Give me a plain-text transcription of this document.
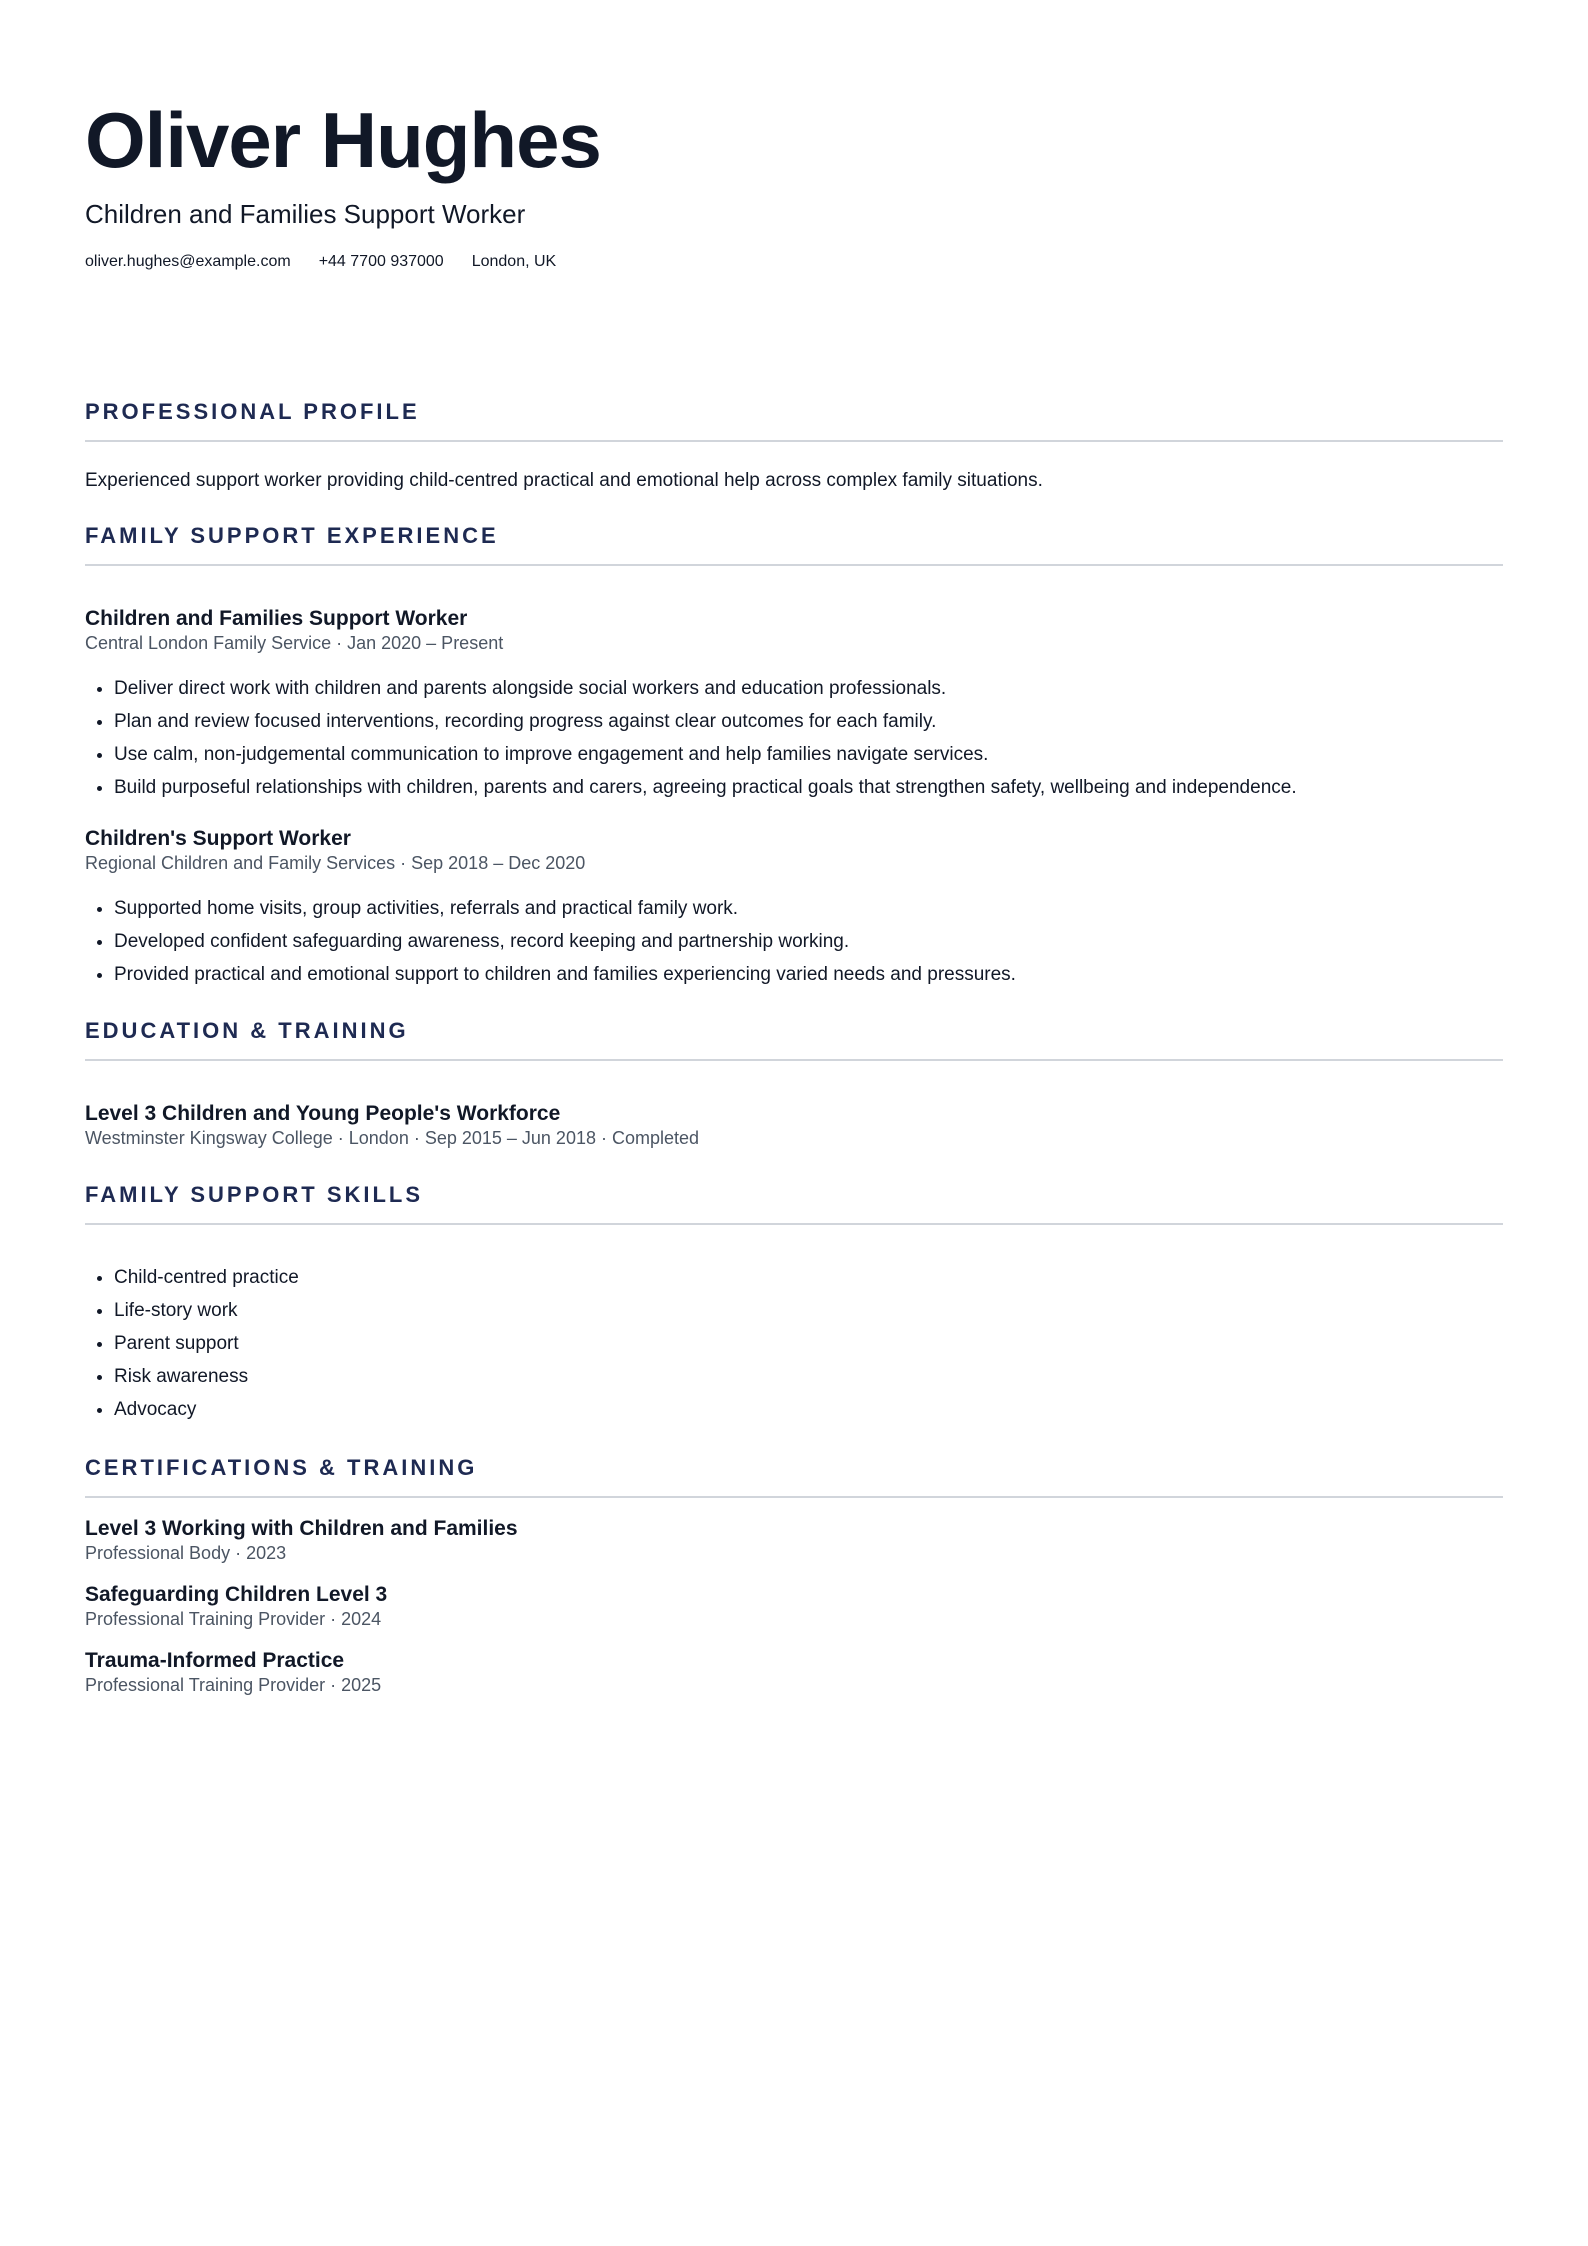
Oliver Hughes
Children and Families Support Worker
oliver.hughes@example.com +44 7700 937000 London, UK
PROFESSIONAL PROFILE

Experienced support worker providing child-centred practical and emotional help across complex family situations.

FAMILY SUPPORT EXPERIENCE
Children and Families Support Worker
Central London Family Service · Jan 2020 – Present
• Deliver direct work with children and parents alongside social workers and education professionals.
• Plan and review focused interventions, recording progress against clear outcomes for each family.
• Use calm, non-judgemental communication to improve engagement and help families navigate services.
• Build purposeful relationships with children, parents and carers, agreeing practical goals that strengthen safety, wellbeing and independence.
Children's Support Worker
Regional Children and Family Services · Sep 2018 – Dec 2020
• Supported home visits, group activities, referrals and practical family work.
• Developed confident safeguarding awareness, record keeping and partnership working.
• Provided practical and emotional support to children and families experiencing varied needs and pressures.
EDUCATION & TRAINING
Level 3 Children and Young People's Workforce
Westminster Kingsway College · London · Sep 2015 – Jun 2018 · Completed
FAMILY SUPPORT SKILLS
• Child-centred practice
• Life-story work
• Parent support
• Risk awareness
• Advocacy
CERTIFICATIONS & TRAINING
Level 3 Working with Children and Families
Professional Body · 2023
Safeguarding Children Level 3
Professional Training Provider · 2024
Trauma-Informed Practice
Professional Training Provider · 2025
